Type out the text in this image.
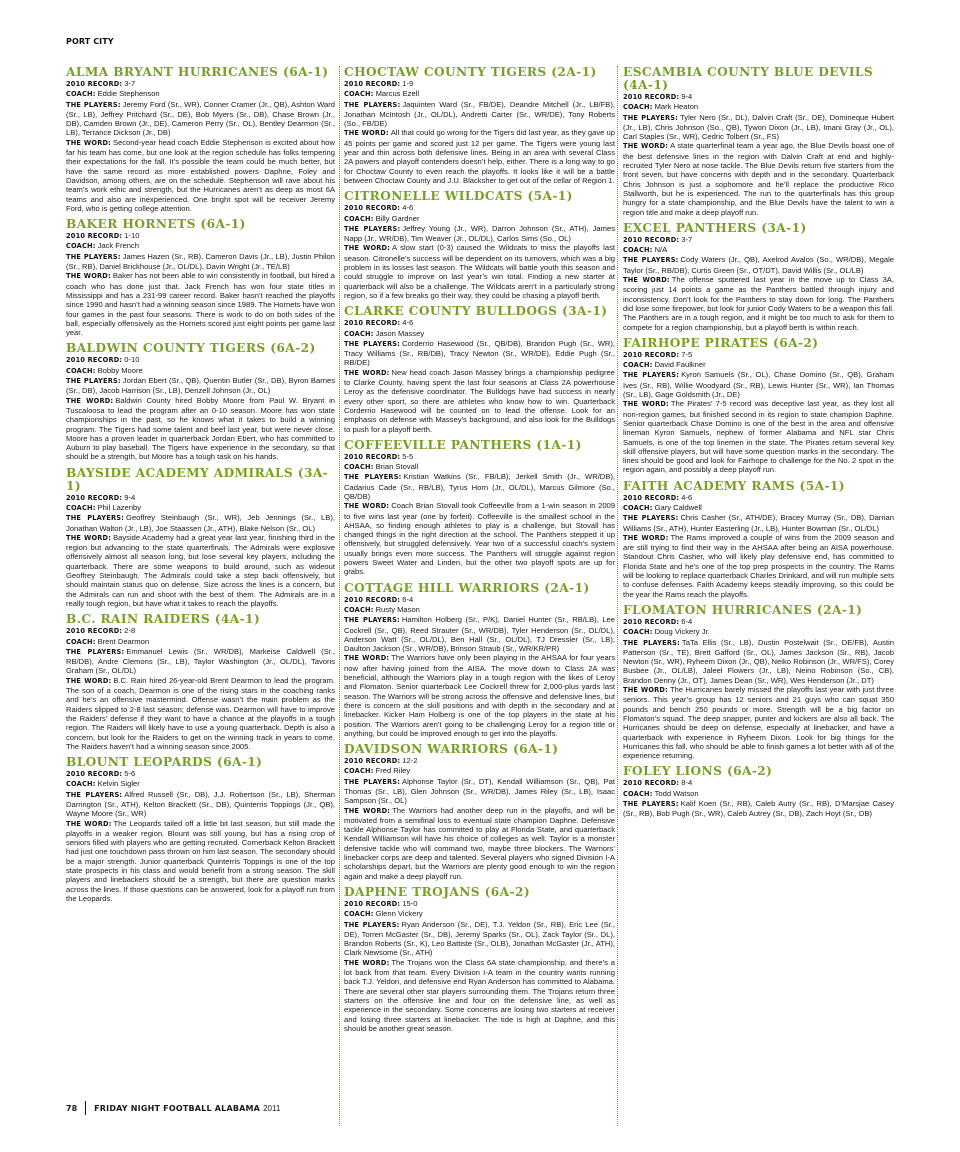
PORT CITY
ALMA BRYANT HURRICANES (6A-1)
2010 RECORD: 3-7
COACH: Eddie Stephenson
THE PLAYERS: Jeremy Ford (Sr., WR), Conner Cramer (Jr., QB), Ashton Ward (Sr., LB), Jeffrey Pritchard (Sr., DE), Bob Myers (Sr., DB), Chase Brown (Jr., DB), Camden Brown (Jr., DE), Cameron Perry (Sr., OL), Bentley Dearmon (Sr., LB), Terrance Dickson (Jr., DB)
THE WORD: Second-year head coach Eddie Stephenson is excited about how far his team has come, but one look at the region schedule has folks tempering their expectations for the fall. It’s possible the team could be much better, but have the same record as more established powers Daphne, Foley and Davidson, among others, are on the schedule. Stephenson will rave about his team’s work ethic and strength, but the Hurricanes aren’t as deep as most 6A teams and also are inexperienced. One bright spot will be receiver Jeremy Ford, who is getting college attention.
BAKER HORNETS (6A-1)
2010 RECORD: 1-10
COACH: Jack French
THE PLAYERS: James Hazen (Sr., RB), Cameron Davis (Jr., LB), Justin Philon (Sr., RB), Daniel Brickhouse (Jr., OL/DL), Davin Wright (Jr., TE/LB)
THE WORD: Baker has not been able to win consistently in football, but hired a coach who has done just that. Jack French has won four state titles in Mississippi and has a 231-99 career record. Baker hasn’t reached the playoffs since 1990 and hasn’t had a winning season since 1989. The Hornets have won four games in the past four seasons. There is work to do on both sides of the ball, especially offensively as the Hornets scored just eight points per game last year.
BALDWIN COUNTY TIGERS (6A-2)
2010 RECORD: 0-10
COACH: Bobby Moore
THE PLAYERS: Jordan Ebert (Sr., QB), Quentin Butler (Sr., DB), Byron Barnes (Sr., DB), Jacob Harrison (Sr., LB), Denzell Johnson (Jr., OL)
THE WORD: Baldwin County hired Bobby Moore from Paul W. Bryant in Tuscaloosa to lead the program after an 0-10 season. Moore has won state championships in the past, so he knows what it takes to build a winning program. The Tigers had some talent and beef last year, but were never close. Moore has a proven leader in quarterback Jordan Ebert, who has committed to Auburn to play baseball. The Tigers have experience in the secondary, so that should be a strength, but Moore has a tough task on his hands.
BAYSIDE ACADEMY ADMIRALS (3A-1)
2010 RECORD: 9-4
COACH: Phil Lazenby
THE PLAYERS: Geoffrey Steinbaugh (Sr., WR), Jeb Jennings (Sr., LB), Jonathan Walton (Jr., LB), Joe Staassen (Jr., ATH), Blake Nelson (Sr., OL)
THE WORD: Bayside Academy had a great year last year, finishing third in the region but advancing to the state quarterfinals. The Admirals were explosive offensively almost all season long, but lose several key players, including the quarterback. There are some weapons to build around, such as wideout Geoffrey Steinbaugh. The Admirals could take a step back offensively, but should maintain status quo on defense. Size across the lines is a concern, but the Admirals can run and shoot with the best of them. The Admirals are in a really tough region, but have what it takes to reach the playoffs.
B.C. RAIN RAIDERS (4A-1)
2010 RECORD: 2-8
COACH: Brent Dearmon
THE PLAYERS: Emmanuel Lewis (Sr., WR/DB), Markeise Caldwell (Sr., RB/DB), Andre Clemons (Sr., LB), Taylor Washington (Jr., OL/DL), Tavoris Graham (Sr., OL/DL)
THE WORD: B.C. Rain hired 26-year-old Brent Dearmon to lead the program. The son of a coach, Dearmon is one of the rising stars in the coaching ranks and he’s an offensive mastermind. Offense wasn’t the main problem as the Raiders slipped to 2-8 last season; defense was. Dearmon will have to improve the Raiders’ defense if they want to have a chance at the playoffs in a tough region. The Raiders will likely have to use a young quarterback. Depth is also a concern, but look for the Raiders to get on the winning track in years to come. The Raiders haven’t had a winning season since 2005.
BLOUNT LEOPARDS (6A-1)
2010 RECORD: 5-6
COACH: Kelvin Sigler
THE PLAYERS: Alfred Russell (Sr., DB), J.J. Robertson (Sr., LB), Sherman Darrington (Sr., ATH), Kelton Brackett (Sr., DB), Quinterris Toppings (Jr., QB), Wayne Moore (Sr., WR)
THE WORD: The Leopards tailed off a little bit last season, but still made the playoffs in a weaker region. Blount was still young, but has a rising crop of seniors filled with players who are getting recruited. Cornerback Kelton Brackett had just one touchdown pass thrown on him last season. The secondary should be a major strength. Junior quarterback Quinterris Toppings is one of the top state prospects in his class and would benefit from a strong season. The skill players and linebackers should be a strength, but there are question marks across the lines. If those questions can be answered, look for a playoff run from the Leopards.
CHOCTAW COUNTY TIGERS (2A-1)
2010 RECORD: 1-9
COACH: Marcus Ezell
THE PLAYERS: Jaquinten Ward (Sr., FB/DE), Deandre Mitchell (Jr., LB/FB), Jonathan McIntosh (Jr., OL/DL), Andretti Carter (Sr., WR/DE), Tony Roberts (So., FB/DE)
THE WORD: All that could go wrong for the Tigers did last year, as they gave up 45 points per game and scored just 12 per game. The Tigers were young last year and thin across both defensive lines. Being in an area with several Class 2A powers and playoff contenders doesn’t help, either. There is a long way to go for Choctaw County to even reach the playoffs. It looks like it will be a battle between Choctaw County and J.U. Blacksher to get out of the cellar of Region 1.
CITRONELLE WILDCATS (5A-1)
2010 RECORD: 4-6
COACH: Billy Gardner
THE PLAYERS: Jeffrey Young (Jr., WR), Darron Johnson (Sr., ATH), James Napp (Jr., WR/DB), Tim Weaver (Jr., OL/DL), Carlos Sims (So., OL)
THE WORD: A slow start (0-3) caused the Wildcats to miss the playoffs last season. Citronelle’s success will be dependent on its turnovers, which was a big problem in its losses last season. The Wildcats will battle youth this season and could struggle to improve on last year’s win total. Finding a new starter at quarterback will also be a challenge. The Wildcats aren’t in a particularly strong region, so if a few breaks go their way, they could be chasing a playoff berth.
CLARKE COUNTY BULLDOGS (3A-1)
2010 RECORD: 4-6
COACH: Jason Massey
THE PLAYERS: Corderrio Hasewood (Sr., QB/DB), Brandon Pugh (Sr., WR), Tracy Williams (Sr., RB/DB), Tracy Newton (Sr., WR/DE), Eddie Pugh (Sr., RB/DE)
THE WORD: New head coach Jason Massey brings a championship pedigree to Clarke County, having spent the last four seasons at Class 2A powerhouse Leroy as the defensive coordinator. The Bulldogs have had success in nearly every other sport, so there are athletes who know how to win. Quarterback Corderrio Hasewood will be counted on to lead the offense. Look for an emphasis on defense with Massey’s background, and also look for the Bulldogs to push for a playoff berth.
COFFEEVILLE PANTHERS (1A-1)
2010 RECORD: 5-5
COACH: Brian Stovall
THE PLAYERS: Kristian Watkins (Sr., FB/LB), Jerkell Smith (Jr., WR/DB), Cadarius Cade (Sr., RB/LB), Tyrus Horn (Jr., OL/DL), Marcus Gilmore (So., QB/DB)
THE WORD: Coach Brian Stovall took Coffeeville from a 1-win season in 2009 to five wins last year (one by forfeit). Coffeeville is the smallest school in the AHSAA, so finding enough athletes to play is a challenge, but Stovall has changed things in the right direction at the school. The Panthers stepped it up offensively, but struggled defensively. Year two of a successful coach’s system usually brings even more success. The Panthers will struggle against region powers Sweet Water and Linden, but the other two playoff spots are up for grabs.
COTTAGE HILL WARRIORS (2A-1)
2010 RECORD: 6-4
COACH: Rusty Mason
THE PLAYERS: Hamilton Holberg (Sr., P/K), Daniel Hunter (Sr., RB/LB), Lee Cockrell (Sr., QB), Reed Strauter (Sr., WR/DB), Tyler Henderson (Sr., OL/DL), Anderson Watt (Sr., OL/DL), Ben Hall (Sr., OL/DL), TJ Dressler (Sr., LB), Daulton Jackson (Sr., WR/DB), Brinson Straub (Sr., WR/KR/PR)
THE WORD: The Warriors have only been playing in the AHSAA for four years now after having joined from the AISA. The move down to Class 2A was beneficial, although the Warriors play in a tough region with the likes of Leroy and Flomaton. Senior quarterback Lee Cockrell threw for 2,000-plus yards last season. The Warriors will be strong across the offensive and defensive lines, but there is concern at the skill positions and with depth in the secondary and at linebacker. Kicker Ham Holberg is one of the top players in the state at his position. The Warriors aren’t going to be challenging Leroy for a region title or anything, but could be improved enough to get into the playoffs.
DAVIDSON WARRIORS (6A-1)
2010 RECORD: 12-2
COACH: Fred Riley
THE PLAYERS: Alphonse Taylor (Sr., DT), Kendall Williamson (Sr., QB), Pat Thomas (Sr., LB), Glen Johnson (Sr., WR/DB), James Riley (Sr., LB), Isaac Sampson (Sr., OL)
THE WORD: The Warriors had another deep run in the playoffs, and will be motivated from a semifinal loss to eventual state champion Daphne. Defensive tackle Alphonse Taylor has committed to play at Florida State, and quarterback Kendall Williamson will have his choice of colleges as well. Taylor is a monster defensive tackle who will command two, maybe three blockers. The Warriors’ linebacker corps are deep and talented. Several players who signed Division I-A scholarships depart, but the Warriors are plenty good enough to win the region again and make a deep playoff run.
DAPHNE TROJANS (6A-2)
2010 RECORD: 15-0
COACH: Glenn Vickery
THE PLAYERS: Ryan Anderson (Sr., DE), T.J. Yeldon (Sr., RB), Eric Lee (Sr., DE), Torren McGaster (Sr., DB), Jeremy Sparks (Sr., OL), Zack Taylor (Sr., DL), Brandon Roberts (Sr., K), Leo Battiste (Sr., OLB), Jonathan McGaster (Jr., ATH), Clark Newsome (Sr., ATH)
THE WORD: The Trojans won the Class 6A state championship, and there’s a lot back from that team. Every Division I-A team in the country wants running back T.J. Yeldon, and defensive end Ryan Anderson has committed to Alabama. There are several other star players surrounding them. The Trojans return three starters on the offensive line and four on the defensive line, as well as experience in the secondary. Some concerns are losing two starters at receiver and losing three starters at linebacker. The tide is high at Daphne, and this should be another great season.
ESCAMBIA COUNTY BLUE DEVILS (4A-1)
2010 RECORD: 9-4
COACH: Mark Heaton
THE PLAYERS: Tyler Nero (Sr., DL), Dalvin Craft (Sr., DE), Domineque Hubert (Jr., LB), Chris Johnson (So., QB), Tywon Dixon (Jr., LB), Imani Gray (Jr., OL), Carl Staples (Sr., WR), Cedric Tolbert (Sr., FS)
THE WORD: A state quarterfinal team a year ago, the Blue Devils boast one of the best defensive lines in the region with Dalvin Craft at end and highly-recruited Tyler Nero at nose tackle. The Blue Devils return five starters from the front seven, but have concerns with depth and in the secondary. Quarterback Chris Johnson is just a sophomore and he’ll replace the productive Rico Stallworth, but he is experienced. The run to the quarterfinals has this group hungry for a state championship, and the Blue Devils have the talent to win a region title and make a deep playoff run.
EXCEL PANTHERS (3A-1)
2010 RECORD: 3-7
COACH: N/A
THE PLAYERS: Cody Waters (Jr., QB), Axelrod Avalos (So., WR/DB), Megale Taylor (Sr., RB/DB), Curtis Green (Sr., OT/DT), David Willis (Sr., OL/LB)
THE WORD: The offense sputtered last year in the move up to Class 3A, scoring just 14 points a game as the Panthers battled through injury and inconsistency. Don’t look for the Panthers to stay down for long. The Panthers did lose some firepower, but look for junior Cody Waters to be a weapon this fall. The Panthers are in a tough region, and it might be too much to ask for them to compete for a region championship, but a playoff berth is within reach.
FAIRHOPE PIRATES (6A-2)
2010 RECORD: 7-5
COACH: David Faulkner
THE PLAYERS: Kyron Samuels (Sr., OL), Chase Domino (Sr., QB), Graham Ives (Sr., RB), Willie Woodyard (Sr., RB), Lewis Hunter (Sr., WR), Ian Thomas (Sr., LB), Gage Goldsmith (Jr., DE)
THE WORD: The Pirates’ 7-5 record was deceptive last year, as they lost all non-region games, but finished second in its region to state champion Daphne. Senior quarterback Chase Domino is one of the best in the area and offensive lineman Kyron Samuels, nephew of former Alabama and NFL star Chris Samuels, is one of the top linemen in the state. The Pirates return several key skill offensive players, but will have some question marks in the secondary. The lines should be good and look for Fairhope to challenge for the No. 2 spot in the region again, and possibly a deep playoff run.
FAITH ACADEMY RAMS (5A-1)
2010 RECORD: 4-6
COACH: Gary Caldwell
THE PLAYERS: Chris Casher (Sr., ATH/DE), Bracey Murray (Sr., DB), Darrian Williams (Sr., ATH), Hunter Easterling (Jr., LB), Hunter Bowman (Sr., OL/DL)
THE WORD: The Rams improved a couple of wins from the 2009 season and are still trying to find their way in the AHSAA after being an AISA powerhouse. Standout Chris Casher, who will likely play defensive end, has committed to Florida State and he’s one of the top prep prospects in the country. The Rams will be looking to replace quarterback Charles Drinkard, and will run multiple sets to confuse defenses. Faith Academy keeps steadily improving, so this could be the year the Rams reach the playoffs.
FLOMATON HURRICANES (2A-1)
2010 RECORD: 6-4
COACH: Doug Vickery Jr.
THE PLAYERS: TaTa Ellis (Sr., LB), Dustin Postelwait (Sr., DE/FB), Austin Patterson (Sr., TE), Brett Gafford (Sr., OL), James Jackson (Sr., RB), Jacob Newton (Sr., WR), Ryheem Dixon (Jr., QB), Neiko Robinson (Jr., WR/FS), Corey Busbee (Jr., OL/LB), Jaleel Flowers (Jr., LB), Neino Robinson (So., CB), Brandon Denny (Jr., OT), James Dean (Sr., WR), Wes Henderson (Jr., DT)
THE WORD: The Hurricanes barely missed the playoffs last year with just three seniors. This year’s group has 12 seniors and 21 guys who can squat 350 pounds and bench 250 pounds or more. Strength will be a big factor on Flomaton’s squad. The deep snapper, punter and kickers are also all back. The Hurricanes should be deep on defense, especially at linebacker, and have a quarterback with experience in Ryheem Dixon. Look for big things for the Hurricanes this fall, who should be able to finish games a lot better with all of the experience returning.
FOLEY LIONS (6A-2)
2010 RECORD: 8-4
COACH: Todd Watson
THE PLAYERS: Kalif Koen (Sr., RB), Caleb Autry (Sr., RB), D’Marsjae Casey (Sr., RB), Bob Pugh (Sr., WR), Caleb Autrey (Sr., DB), Zach Hoyt (Sr., DB)
78 FRIDAY NIGHT FOOTBALL ALABAMA 2011
